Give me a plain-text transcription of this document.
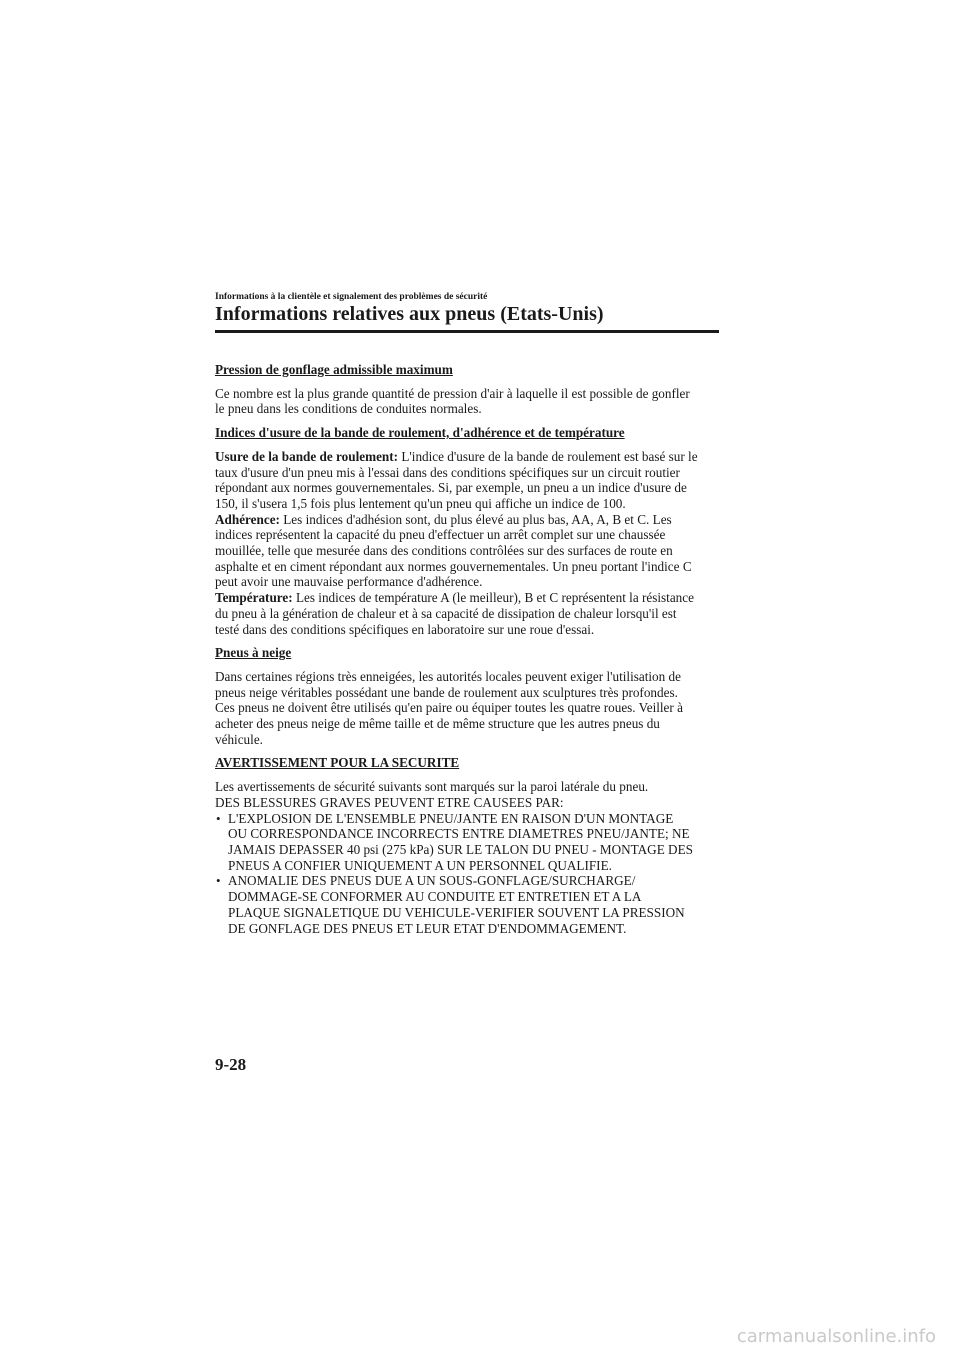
Informations à la clientèle et signalement des problèmes de sécurité
Informations relatives aux pneus (Etats-Unis)
Pression de gonflage admissible maximum
Ce nombre est la plus grande quantité de pression d'air à laquelle il est possible de gonfler
le pneu dans les conditions de conduites normales.
Indices d'usure de la bande de roulement, d'adhérence et de température
Usure de la bande de roulement: L'indice d'usure de la bande de roulement est basé sur le
taux d'usure d'un pneu mis à l'essai dans des conditions spécifiques sur un circuit routier
répondant aux normes gouvernementales. Si, par exemple, un pneu a un indice d'usure de
150, il s'usera 1,5 fois plus lentement qu'un pneu qui affiche un indice de 100.
Adhérence: Les indices d'adhésion sont, du plus élevé au plus bas, AA, A, B et C. Les
indices représentent la capacité du pneu d'effectuer un arrêt complet sur une chaussée
mouillée, telle que mesurée dans des conditions contrôlées sur des surfaces de route en
asphalte et en ciment répondant aux normes gouvernementales. Un pneu portant l'indice C
peut avoir une mauvaise performance d'adhérence.
Température: Les indices de température A (le meilleur), B et C représentent la résistance
du pneu à la génération de chaleur et à sa capacité de dissipation de chaleur lorsqu'il est
testé dans des conditions spécifiques en laboratoire sur une roue d'essai.
Pneus à neige
Dans certaines régions très enneigées, les autorités locales peuvent exiger l'utilisation de
pneus neige véritables possédant une bande de roulement aux sculptures très profondes.
Ces pneus ne doivent être utilisés qu'en paire ou équiper toutes les quatre roues. Veiller à
acheter des pneus neige de même taille et de même structure que les autres pneus du
véhicule.
AVERTISSEMENT POUR LA SECURITE
Les avertissements de sécurité suivants sont marqués sur la paroi latérale du pneu.
DES BLESSURES GRAVES PEUVENT ETRE CAUSEES PAR:
• L'EXPLOSION DE L'ENSEMBLE PNEU/JANTE EN RAISON D'UN MONTAGE
OU CORRESPONDANCE INCORRECTS ENTRE DIAMETRES PNEU/JANTE; NE
JAMAIS DEPASSER 40 psi (275 kPa) SUR LE TALON DU PNEU - MONTAGE DES
PNEUS A CONFIER UNIQUEMENT A UN PERSONNEL QUALIFIE.
• ANOMALIE DES PNEUS DUE A UN SOUS-GONFLAGE/SURCHARGE/
DOMMAGE-SE CONFORMER AU CONDUITE ET ENTRETIEN ET A LA
PLAQUE SIGNALETIQUE DU VEHICULE-VERIFIER SOUVENT LA PRESSION
DE GONFLAGE DES PNEUS ET LEUR ETAT D'ENDOMMAGEMENT.
9-28
carmanualsonline.info
